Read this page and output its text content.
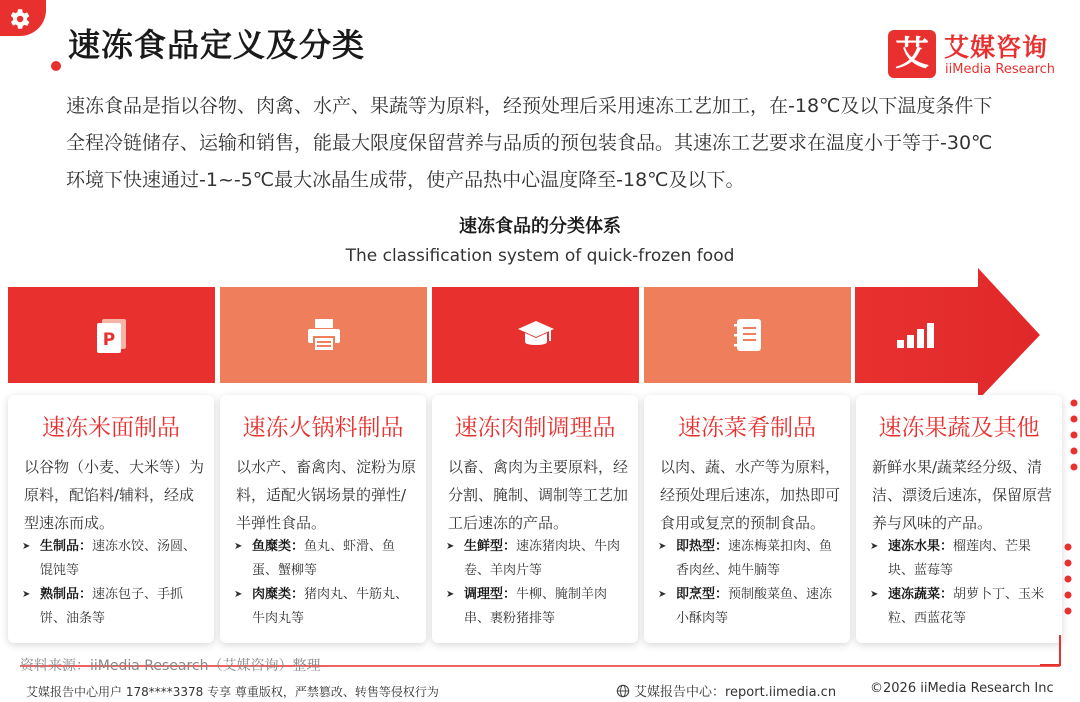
速冻食品定义及分类	艾 艾媒咨询
iiMedia Research
速冻食品是指以谷物、肉禽、水产、果蔬等为原料，经预处理后采用速冻工艺加工，在-18℃及以下温度条件下全程冷链储存、运输和销售，能最大限度保留营养与品质的预包装食品。其速冻工艺要求在温度小于等于-30℃环境下快速通过-1~-5℃最大冰晶生成带，使产品热中心温度降至-18℃及以下。
速冻食品的分类体系
The classification system of quick-frozen food
P
速冻米面制品
以谷物（小麦、大米等）为原料，配馅料/辅料，经成型速冻而成。
➤ 生制品：速冻水饺、汤圆、馄饨等
➤ 熟制品：速冻包子、手抓饼、油条等
速冻火锅料制品
以水产、畜禽肉、淀粉为原料，适配火锅场景的弹性/半弹性食品。
➤ 鱼糜类：鱼丸、虾滑、鱼蛋、蟹柳等
➤ 肉糜类：猪肉丸、牛筋丸、牛肉丸等
速冻肉制调理品
以畜、禽肉为主要原料，经分割、腌制、调制等工艺加工后速冻的产品。
➤ 生鲜型：速冻猪肉块、牛肉卷、羊肉片等
➤ 调理型：牛柳、腌制羊肉串、裹粉猪排等
速冻菜肴制品
以肉、蔬、水产等为原料，经预处理后速冻，加热即可食用或复烹的预制食品。
➤ 即热型：速冻梅菜扣肉、鱼香肉丝、炖牛腩等
➤ 即烹型：预制酸菜鱼、速冻小酥肉等
速冻果蔬及其他
新鲜水果/蔬菜经分级、清洁、漂烫后速冻，保留原营养与风味的产品。
➤ 速冻水果：榴莲肉、芒果块、蓝莓等
➤ 速冻蔬菜：胡萝卜丁、玉米粒、西蓝花等
资料来源：iiMedia Research（艾媒咨询）整理
艾媒报告中心用户 178****3378 专享 尊重版权，严禁篡改、转售等侵权行为	艾媒报告中心：report.iimedia.cn	©2026 iiMedia Research Inc
